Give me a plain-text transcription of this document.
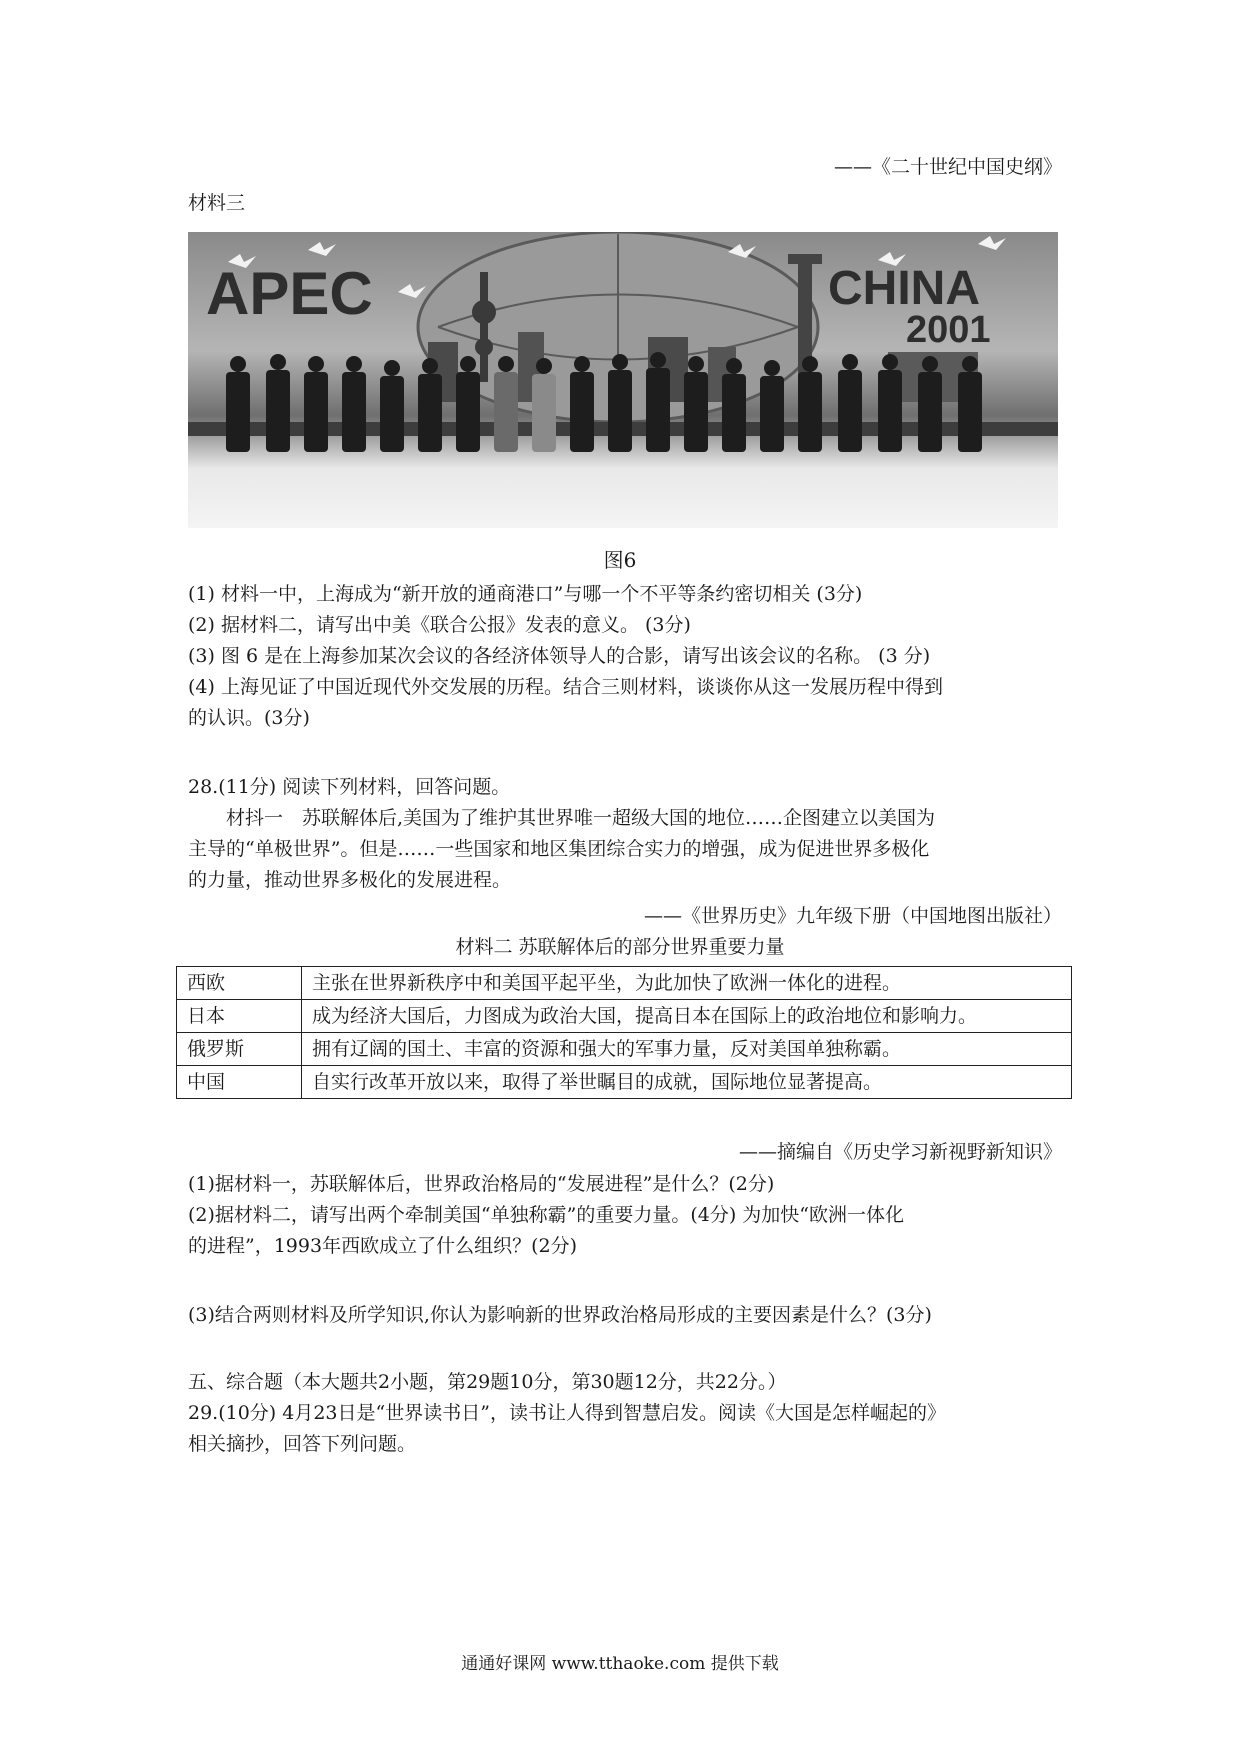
——《二十世纪中国史纲》
材料三
APEC	CHINA
2001
图6
(1) 材料一中，上海成为“新开放的通商港口”与哪一个不平等条约密切相关 (3分)
(2) 据材料二，请写出中美《联合公报》发表的意义。 (3分)
(3) 图 6 是在上海参加某次会议的各经济体领导人的合影，请写出该会议的名称。 (3 分)
(4) 上海见证了中国近现代外交发展的历程。结合三则材料，谈谈你从这一发展历程中得到
的认识。(3分)
28.(11分) 阅读下列材料，回答问题。
材抖一　苏联解体后,美国为了维护其世界唯一超级大国的地位……企图建立以美国为
主导的“单极世界”。但是……一些国家和地区集团综合实力的增强，成为促进世界多极化
的力量，推动世界多极化的发展进程。
——《世界历史》九年级下册（中国地图出版社）
材料二 苏联解体后的部分世界重要力量
西欧	主张在世界新秩序中和美国平起平坐，为此加快了欧洲一体化的进程。
日本	成为经济大国后，力图成为政治大国，提高日本在国际上的政治地位和影响力。
俄罗斯	拥有辽阔的国土、丰富的资源和强大的军事力量，反对美国单独称霸。
中国	自实行改革开放以来，取得了举世瞩目的成就，国际地位显著提高。
——摘编自《历史学习新视野新知识》
(1)据材料一，苏联解体后，世界政治格局的“发展进程”是什么？(2分)
(2)据材料二，请写出两个牵制美国“单独称霸”的重要力量。(4分) 为加快“欧洲一体化
的进程”，1993年西欧成立了什么组织？(2分)
(3)结合两则材料及所学知识,你认为影响新的世界政治格局形成的主要因素是什么？(3分)
五、综合题（本大题共2小题，第29题10分，第30题12分，共22分。）
29.(10分) 4月23日是“世界读书日”，读书让人得到智慧启发。阅读《大国是怎样崛起的》
相关摘抄，回答下列问题。
通通好课网 www.tthaoke.com 提供下载
